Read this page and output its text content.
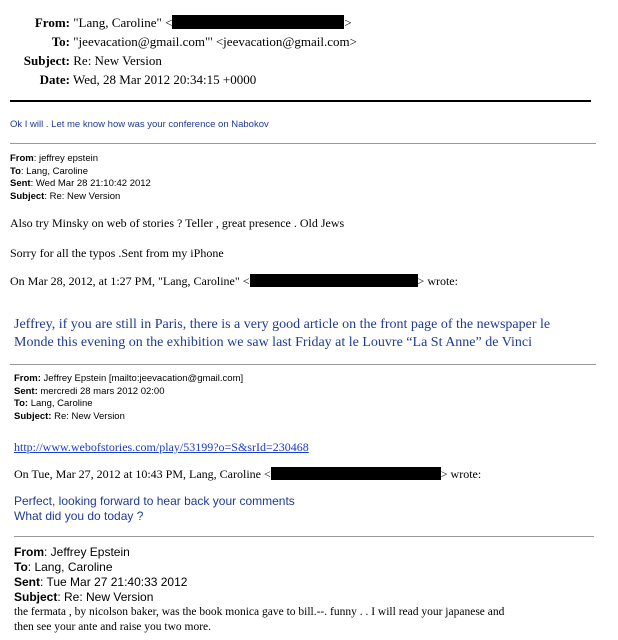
From: "Lang, Caroline" <	>
To: "jeevacation@gmail.com"' <jeevacation@gmail.com>
Subject: Re: New Version
Date: Wed, 28 Mar 2012 20:34:15 +0000
Ok I will . Let me know how was your conference on Nabokov
From: jeffrey epstein
To: Lang, Caroline
Sent: Wed Mar 28 21:10:42 2012
Subject: Re: New Version
Also try Minsky on web of stories ? Teller , great presence . Old Jews
Sorry for all the typos .Sent from my iPhone
On Mar 28, 2012, at 1:27 PM, "Lang, Caroline" <	> wrote:
Jeffrey, if you are still in Paris, there is a very good article on the front page of the newspaper le
Monde this evening on the exhibition we saw last Friday at le Louvre “La St Anne” de Vinci
From: Jeffrey Epstein [mailto:jeevacation@gmail.com]
Sent: mercredi 28 mars 2012 02:00
To: Lang, Caroline
Subject: Re: New Version
http://www.webofstories.com/play/53199?o=S&srId=230468
On Tue, Mar 27, 2012 at 10:43 PM, Lang, Caroline <	> wrote:
Perfect, looking forward to hear back your comments
What did you do today ?
From: Jeffrey Epstein
To: Lang, Caroline
Sent: Tue Mar 27 21:40:33 2012
Subject: Re: New Version
the fermata , by nicolson baker, was the book monica gave to bill.--. funny . . I will read your japanese and
then see your ante and raise you two more.
